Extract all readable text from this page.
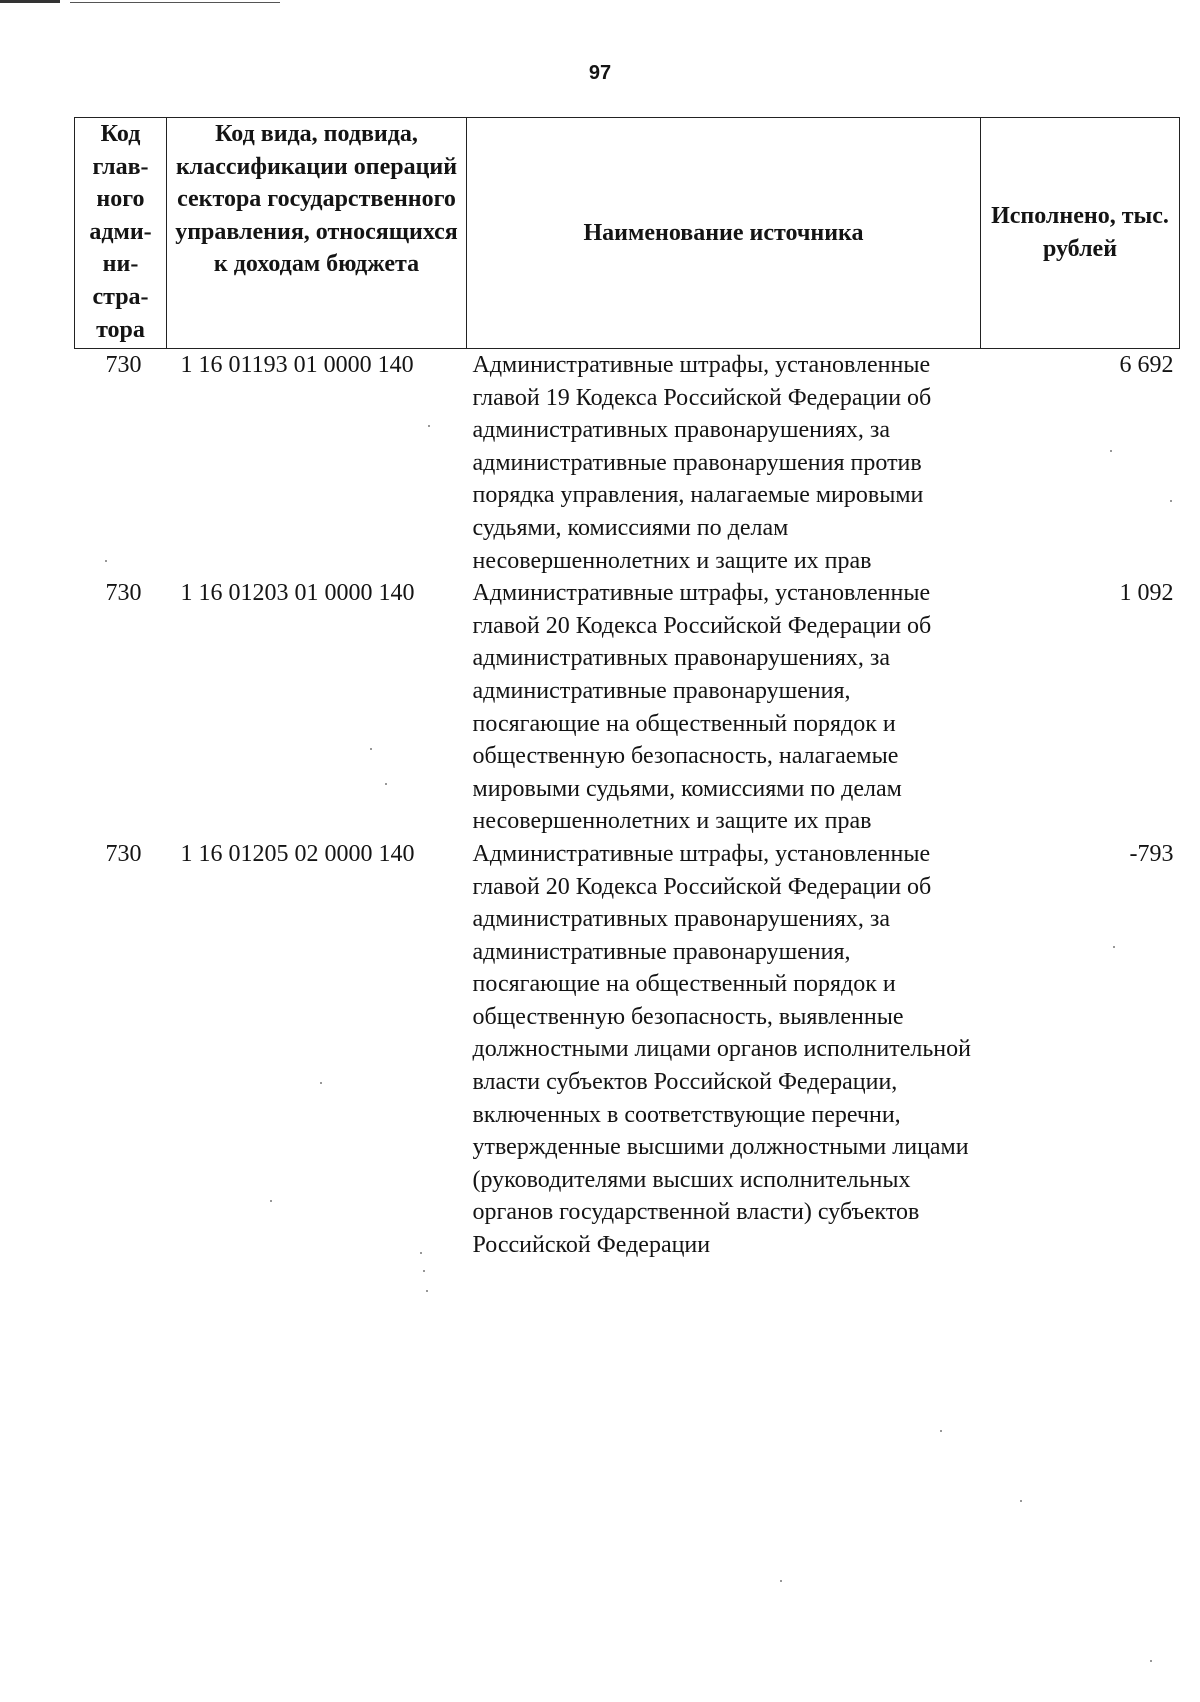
97
Код глав-ного адми-ни-стра-тора	Код вида, подвида, классификации операций сектора государственного управления, относящихся к доходам бюджета	Наименование источника	Исполнено, тыс. рублей
730	1 16 01193 01 0000 140	Административные штрафы, установленные главой 19 Кодекса Российской Федерации об административных правонарушениях, за административные правонарушения против порядка управления, налагаемые мировыми судьями, комиссиями по делам несовершеннолетних и защите их прав	6 692
730	1 16 01203 01 0000 140	Административные штрафы, установленные главой 20 Кодекса Российской Федерации об административных правонарушениях, за административные правонарушения, посягающие на общественный порядок и общественную безопасность, налагаемые мировыми судьями, комиссиями по делам несовершеннолетних и защите их прав	1 092
730	1 16 01205 02 0000 140	Административные штрафы, установленные главой 20 Кодекса Российской Федерации об административных правонарушениях, за административные правонарушения, посягающие на общественный порядок и общественную безопасность, выявленные должностными лицами органов исполнительной власти субъектов Российской Федерации, включенных в соответствующие перечни, утвержденные высшими должностными лицами (руководителями высших исполнительных органов государственной власти) субъектов Российской Федерации	-793
